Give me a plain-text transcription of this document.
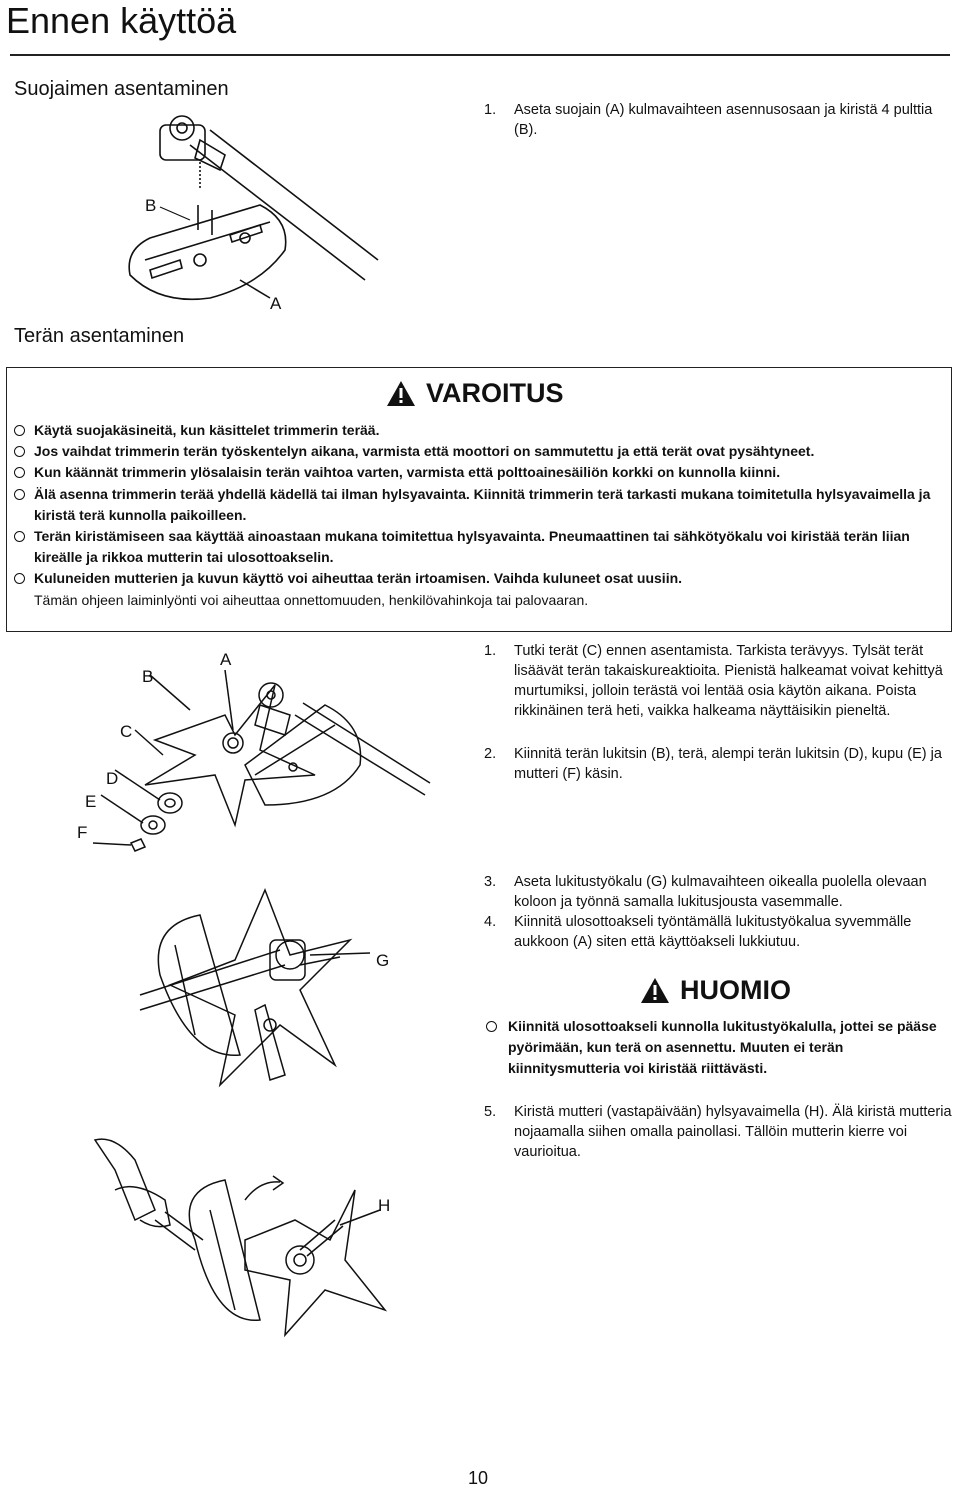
Ennen käyttöä
Suojaimen asentaminen
1. Aseta suojain (A) kulmavaihteen asennusosaan ja kiristä 4 pulttia (B).
B
A
Terän asentaminen
VAROITUS
Käytä suojakäsineitä, kun käsittelet trimmerin terää.
Jos vaihdat trimmerin terän työskentelyn aikana, varmista että moottori on sammutettu ja että terät ovat pysähtyneet.
Kun käännät trimmerin ylösalaisin terän vaihtoa varten, varmista että polttoainesäiliön korkki on kunnolla kiinni.
Älä asenna trimmerin terää yhdellä kädellä tai ilman hylsyavainta. Kiinnitä trimmerin terä tarkasti mukana toimitetulla hylsyavaimella ja kiristä terä kunnolla paikoilleen.
Terän kiristämiseen saa käyttää ainoastaan mukana toimitettua hylsyavainta. Pneumaattinen tai sähkötyökalu voi kiristää terän liian kireälle ja rikkoa mutterin tai ulosottoakselin.
Kuluneiden mutterien ja kuvun käyttö voi aiheuttaa terän irtoamisen. Vaihda kuluneet osat uusiin.
Tämän ohjeen laiminlyönti voi aiheuttaa onnettomuuden, henkilövahinkoja tai palovaaran.
A
B
C
D
E
F
1. Tutki terät (C) ennen asentamista. Tarkista terävyys. Tylsät terät lisäävät terän takaiskureaktioita. Pienistä halkeamat voivat kehittyä murtumiksi, jolloin terästä voi lentää osia käytön aikana. Poista rikkinäinen terä heti, vaikka halkeama näyttäisikin pieneltä.
2. Kiinnitä terän lukitsin (B), terä, alempi terän lukitsin (D), kupu (E) ja mutteri (F) käsin.
G
3. Aseta lukitustyökalu (G) kulmavaihteen oikealla puolella olevaan koloon ja työnnä samalla lukitusjousta vasemmalle.
4. Kiinnitä ulosottoakseli työntämällä lukitustyökalua syvemmälle aukkoon (A) siten että käyttöakseli lukkiutuu.
HUOMIO
Kiinnitä ulosottoakseli kunnolla lukitustyökalulla, jottei se pääse pyörimään, kun terä on asennettu. Muuten ei terän kiinnitysmutteria voi kiristää riittävästi.
5. Kiristä mutteri (vastapäivään) hylsyavaimella (H). Älä kiristä mutteria nojaamalla siihen omalla painollasi. Tällöin mutterin kierre voi vaurioitua.
H
10
